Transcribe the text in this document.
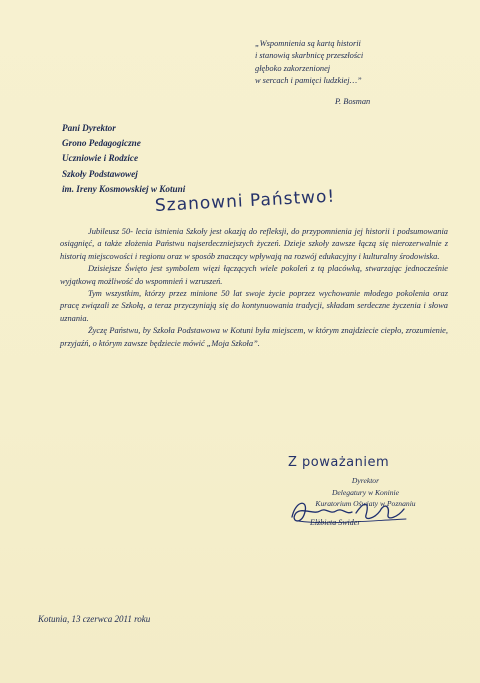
„Wspomnienia są kartą historii
i stanowią skarbnicę przeszłości
głęboko zakorzenionej
w sercach i pamięci ludzkiej…”
P. Bosman
Pani Dyrektor
Grono Pedagogiczne
Uczniowie i Rodzice
Szkoły Podstawowej
im. Ireny Kosmowskiej w Kotuni
Szanowni Państwo!

Jubileusz 50- lecia istnienia Szkoły jest okazją do refleksji, do przypomnienia jej historii i podsumowania osiągnięć, a także złożenia Państwu najserdeczniejszych życzeń. Dzieje szkoły zawsze łączą się nierozerwalnie z historią miejscowości i regionu oraz w sposób znaczący wpływają na rozwój edukacyjny i kulturalny środowiska.

Dzisiejsze Święto jest symbolem więzi łączących wiele pokoleń z tą placówką, stwarzając jednocześnie wyjątkową możliwość do wspomnień i wzruszeń.

Tym wszystkim, którzy przez minione 50 lat swoje życie poprzez wychowanie młodego pokolenia oraz pracę związali ze Szkołą, a teraz przyczyniają się do kontynuowania tradycji, składam serdeczne życzenia i słowa uznania.

Życzę Państwu, by Szkoła Podstawowa w Kotuni była miejscem, w którym znajdziecie ciepło, zrozumienie, przyjaźń, o którym zawsze będziecie mówić „Moja Szkoła”.

Z poważaniem
Dyrektor
Delegatury w Koninie
Kuratorium Oświaty w Poznaniu
Elżbieta Swider
Kotunia, 13 czerwca 2011 roku
